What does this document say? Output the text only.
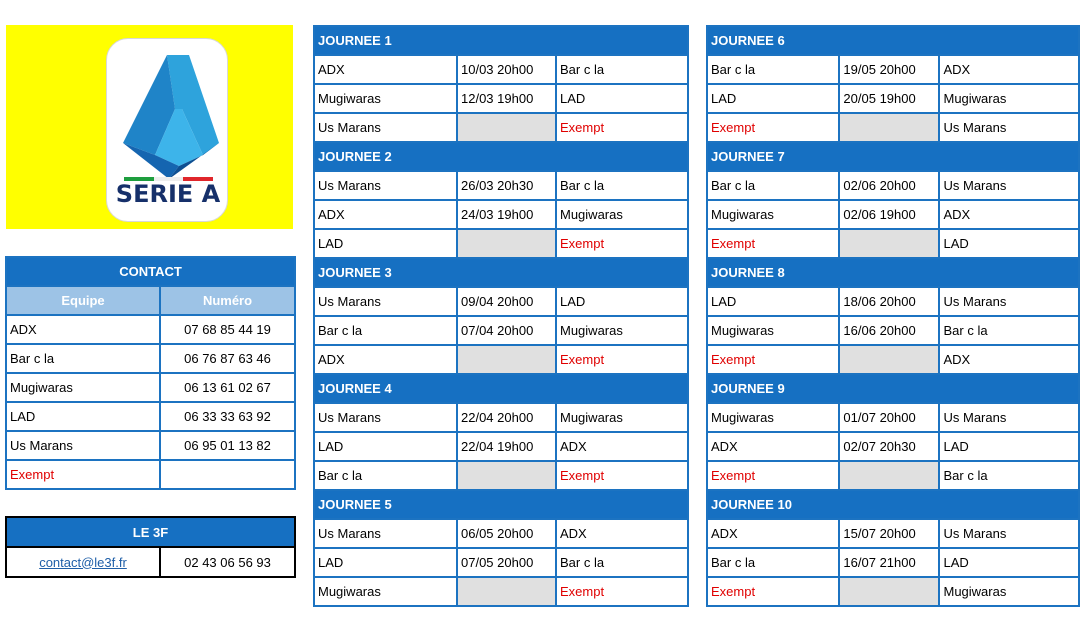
SERIE A
CONTACT	
Equipe	Numéro
ADX	07 68 85 44 19
Bar c la	06 76 87 63 46
Mugiwaras	06 13 61 02 67
LAD	06 33 33 63 92
Us Marans	06 95 01 13 82
Exempt	
LE 3F
contact@le3f.fr	02 43 06 56 93
JOURNEE 1		
ADX	10/03 20h00	Bar c la
Mugiwaras	12/03 19h00	LAD
Us Marans		Exempt
JOURNEE 2		
Us Marans	26/03 20h30	Bar c la
ADX	24/03 19h00	Mugiwaras
LAD		Exempt
JOURNEE 3		
Us Marans	09/04 20h00	LAD
Bar c la	07/04 20h00	Mugiwaras
ADX		Exempt
JOURNEE 4		
Us Marans	22/04 20h00	Mugiwaras
LAD	22/04 19h00	ADX
Bar c la		Exempt
JOURNEE 5		
Us Marans	06/05 20h00	ADX
LAD	07/05 20h00	Bar c la
Mugiwaras		Exempt
JOURNEE 6		
Bar c la	19/05 20h00	ADX
LAD	20/05 19h00	Mugiwaras
Exempt		Us Marans
JOURNEE 7		
Bar c la	02/06 20h00	Us Marans
Mugiwaras	02/06 19h00	ADX
Exempt		LAD
JOURNEE 8		
LAD	18/06 20h00	Us Marans
Mugiwaras	16/06 20h00	Bar c la
Exempt		ADX
JOURNEE 9		
Mugiwaras	01/07 20h00	Us Marans
ADX	02/07 20h30	LAD
Exempt		Bar c la
JOURNEE 10		
ADX	15/07 20h00	Us Marans
Bar c la	16/07 21h00	LAD
Exempt		Mugiwaras
